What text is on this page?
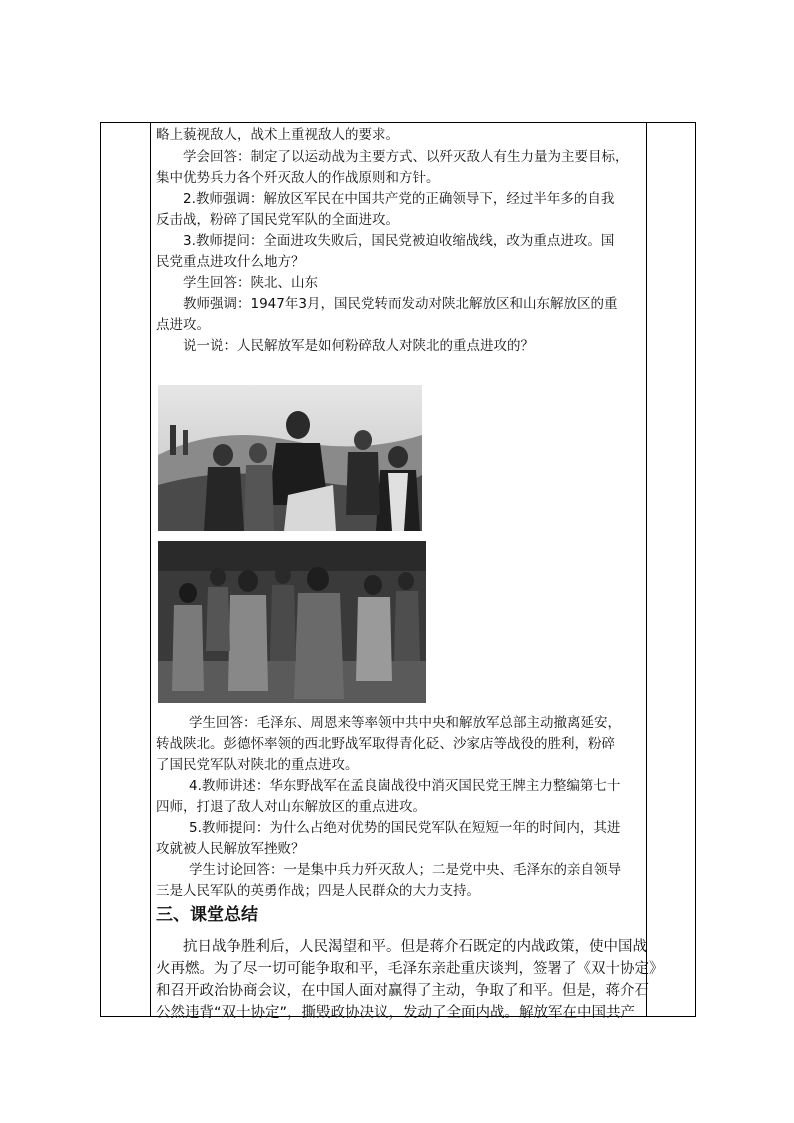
略上藐视敌人，战术上重视敌人的要求。
学会回答：制定了以运动战为主要方式、以歼灭敌人有生力量为主要目标，
集中优势兵力各个歼灭敌人的作战原则和方针。
2.教师强调：解放区军民在中国共产党的正确领导下，经过半年多的自我
反击战，粉碎了国民党军队的全面进攻。
3.教师提问：全面进攻失败后，国民党被迫收缩战线，改为重点进攻。国
民党重点进攻什么地方？
学生回答：陕北、山东
教师强调：1947年3月，国民党转而发动对陕北解放区和山东解放区的重
点进攻。
说一说：人民解放军是如何粉碎敌人对陕北的重点进攻的？
学生回答：毛泽东、周恩来等率领中共中央和解放军总部主动撤离延安，
转战陕北。彭德怀率领的西北野战军取得青化砭、沙家店等战役的胜利，粉碎
了国民党军队对陕北的重点进攻。
4.教师讲述：华东野战军在孟良崮战役中消灭国民党王牌主力整编第七十
四师，打退了敌人对山东解放区的重点进攻。
5.教师提问：为什么占绝对优势的国民党军队在短短一年的时间内，其进
攻就被人民解放军挫败？
学生讨论回答：一是集中兵力歼灭敌人；二是党中央、毛泽东的亲自领导
三是人民军队的英勇作战；四是人民群众的大力支持。
三、课堂总结
抗日战争胜利后，人民渴望和平。但是蒋介石既定的内战政策，使中国战
火再燃。为了尽一切可能争取和平，毛泽东亲赴重庆谈判，签署了《双十协定》
和召开政治协商会议，在中国人面对赢得了主动，争取了和平。但是，蒋介石
公然违背“双十协定”，撕毁政协决议，发动了全面内战。解放军在中国共产
